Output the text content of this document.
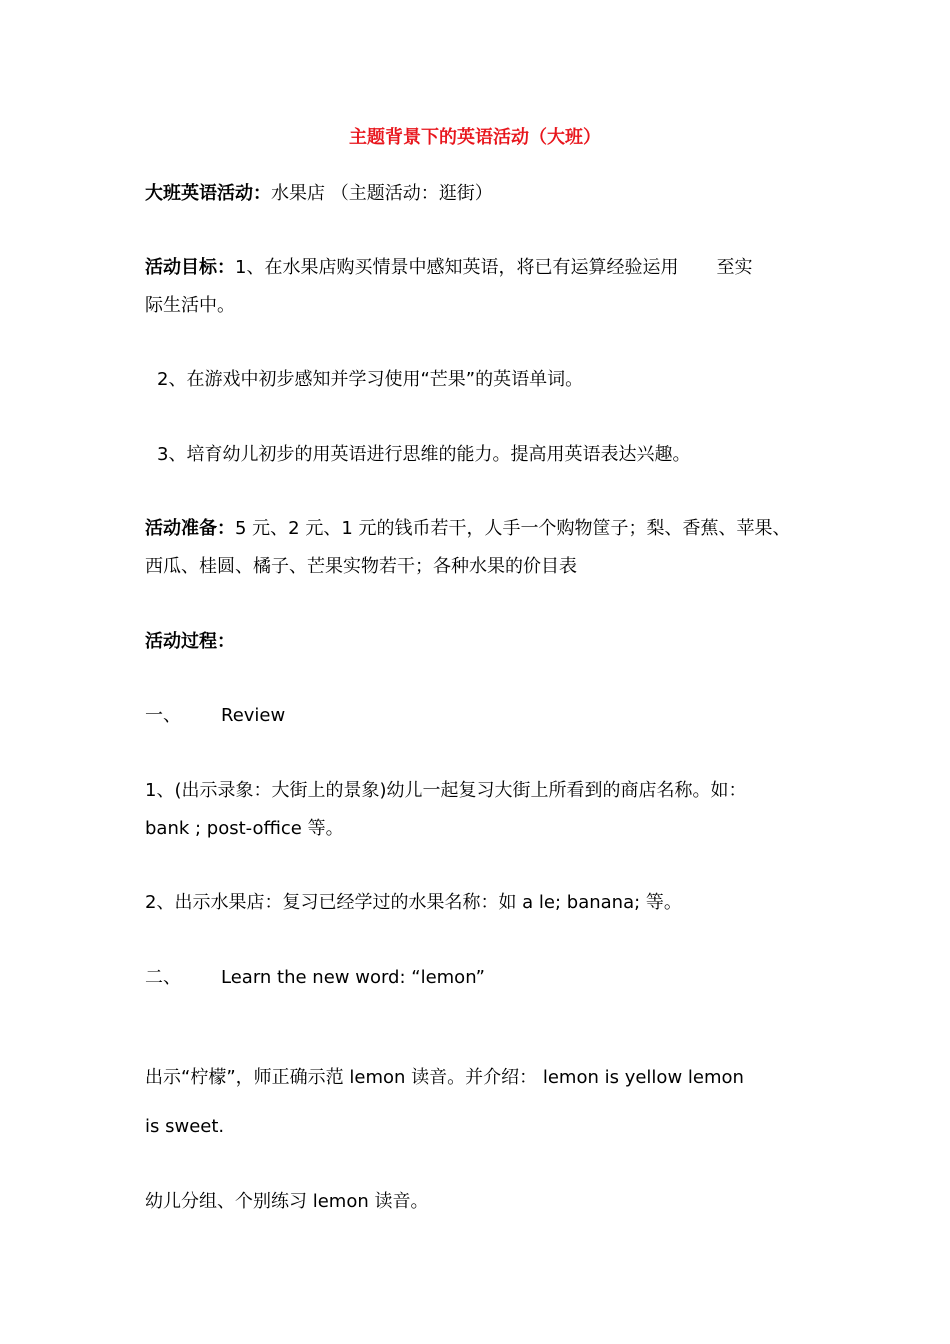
主题背景下的英语活动（大班）
大班英语活动：水果店 （主题活动：逛街）
活动目标：1、在水果店购买情景中感知英语，将已有运算经验运用 至实
际生活中。
2、在游戏中初步感知并学习使用“芒果”的英语单词。
3、培育幼儿初步的用英语进行思维的能力。提高用英语表达兴趣。
活动准备：5 元、2 元、1 元的钱币若干，人手一个购物筐子；梨、香蕉、苹果、
西瓜、桂圆、橘子、芒果实物若干；各种水果的价目表
活动过程：
一、 Review
1、(出示录象：大街上的景象)幼儿一起复习大街上所看到的商店名称。如：
bank ; post-office 等。
2、出示水果店：复习已经学过的水果名称：如 a le; banana; 等。
二、 Learn the new word: “lemon”
出示“柠檬”，师正确示范 lemon 读音。并介绍： lemon is yellow lemon
is sweet.
幼儿分组、个别练习 lemon 读音。
